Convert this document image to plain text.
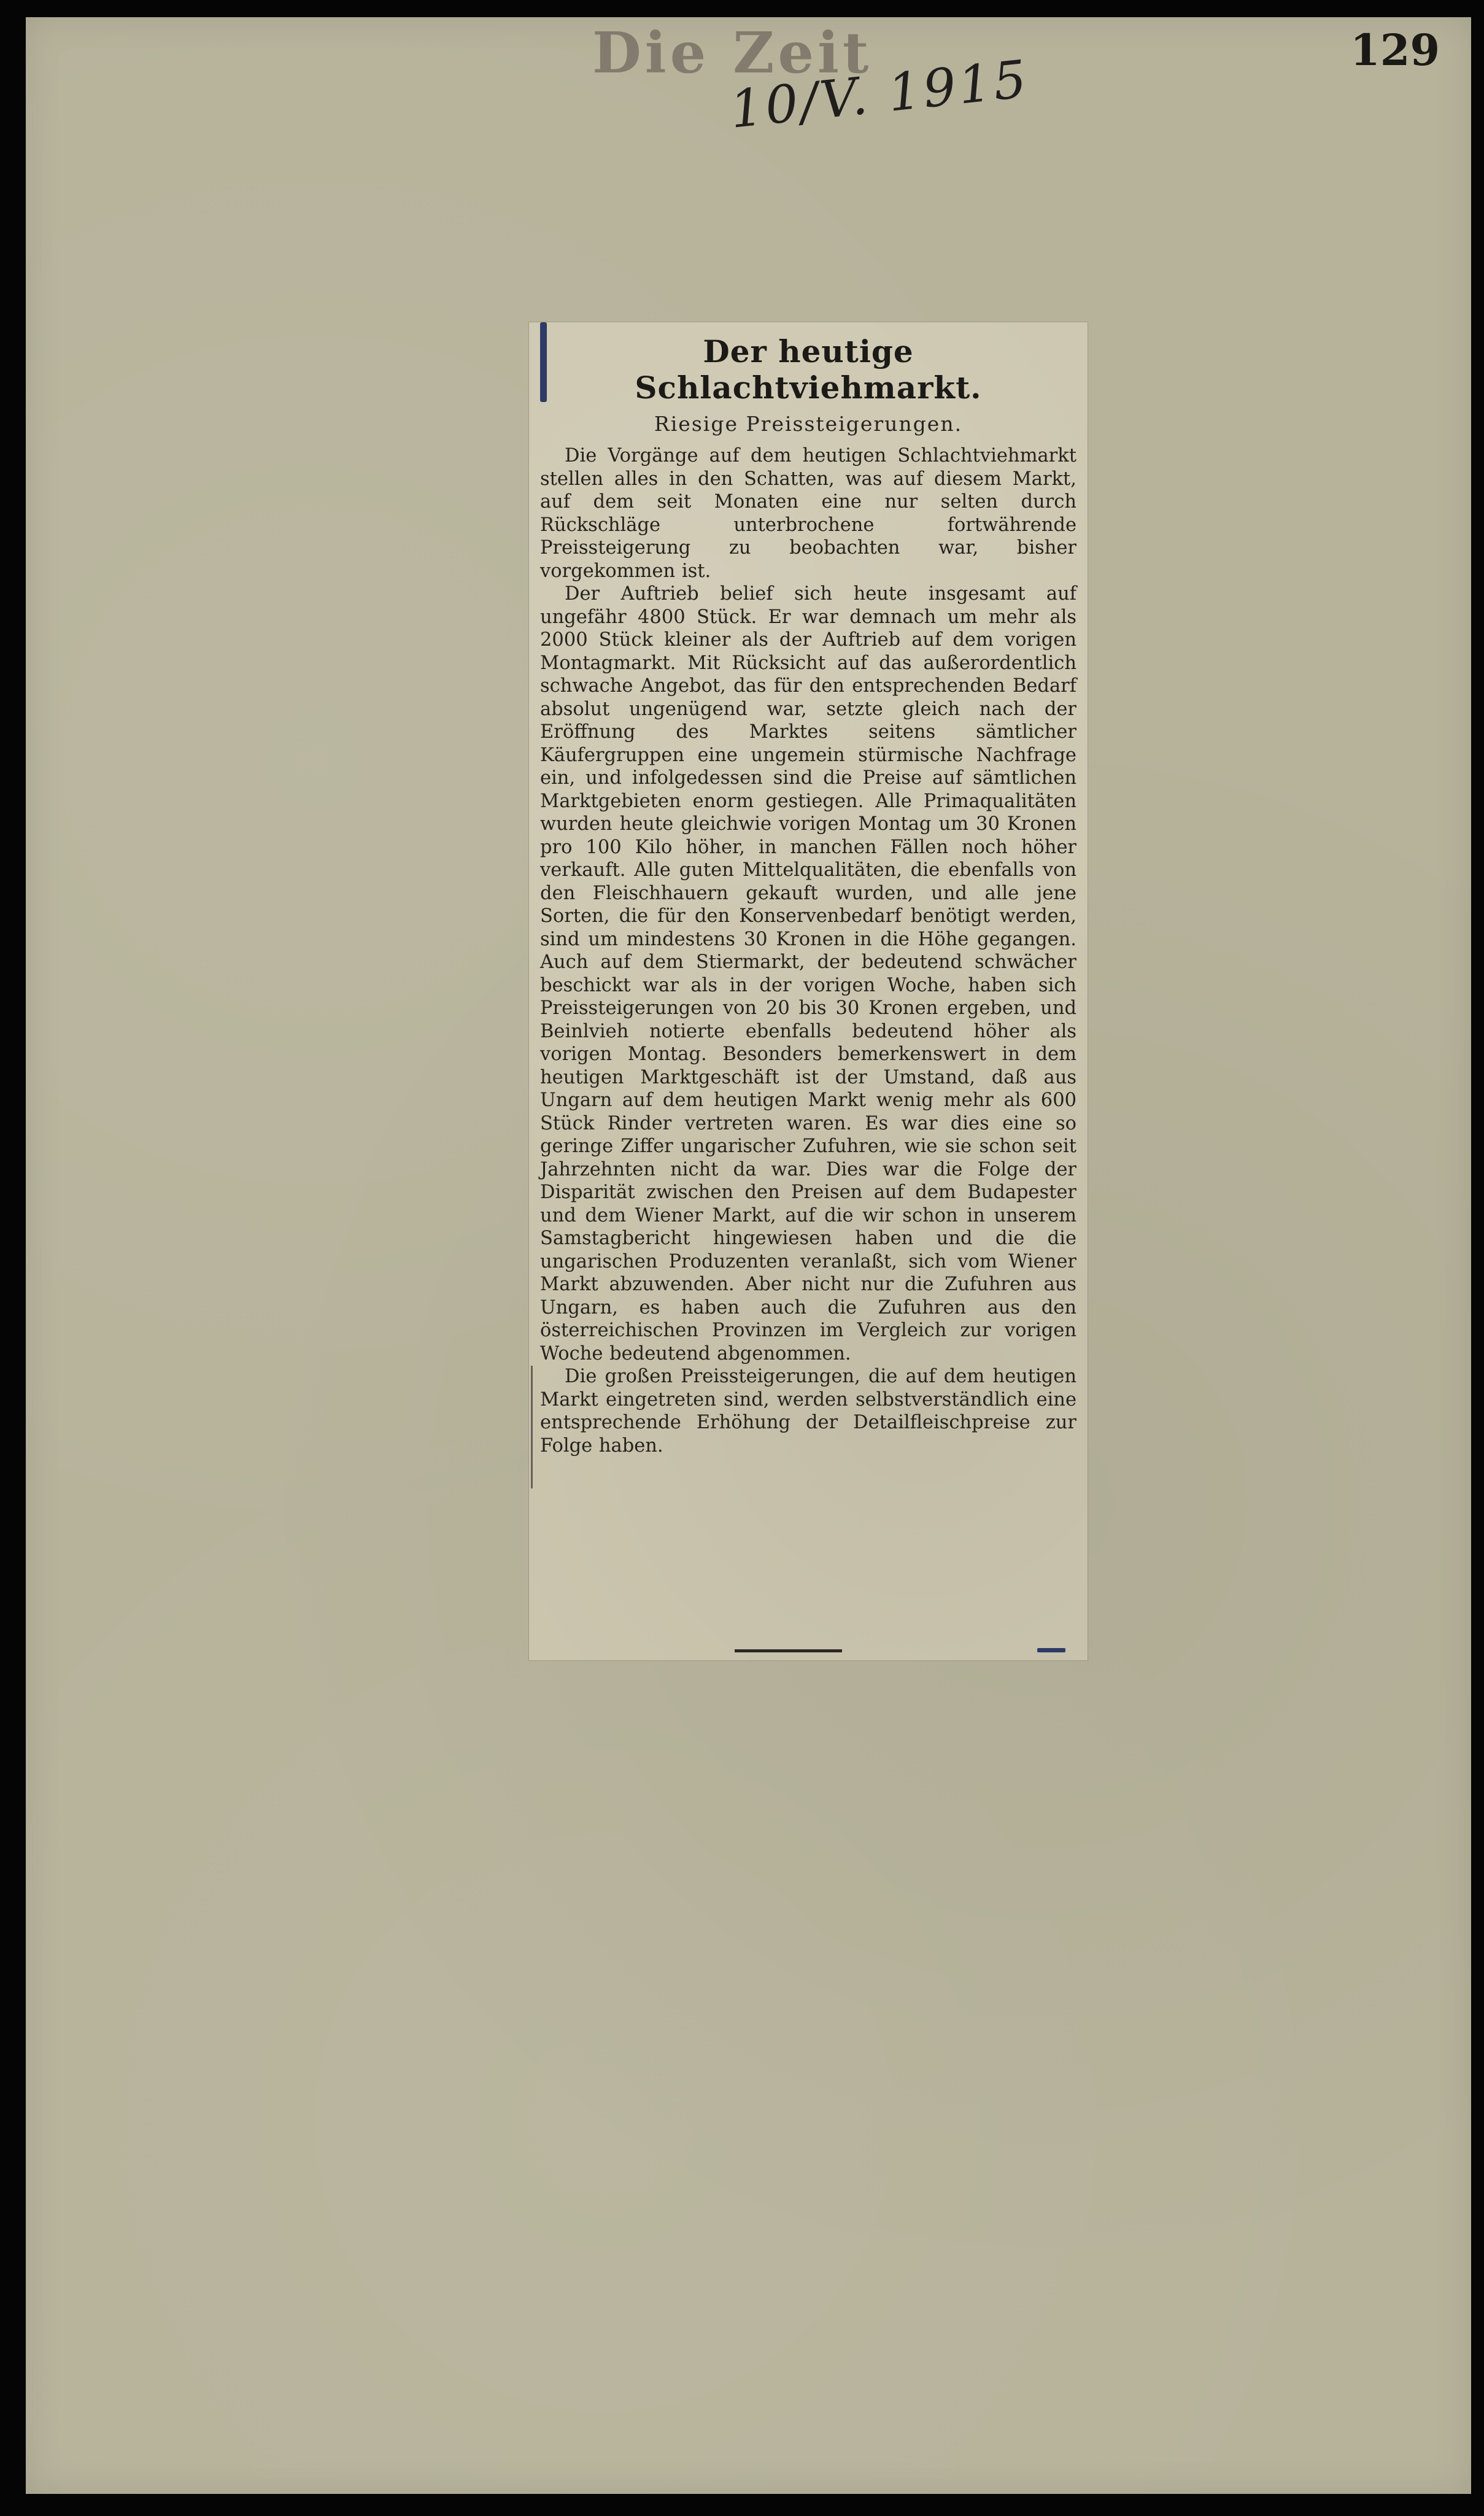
Die Zeit
10/V. 1915	129
Der heutige Schlachtviehmarkt.
Riesige Preissteigerungen.

Die Vorgänge auf dem heutigen Schlachtviehmarkt stellen alles in den Schatten, was auf diesem Markt, auf dem seit Monaten eine nur selten durch Rückschläge unterbrochene fortwährende Preissteigerung zu beobachten war, bisher vorgekommen ist.

Der Auftrieb belief sich heute insgesamt auf ungefähr 4800 Stück. Er war demnach um mehr als 2000 Stück kleiner als der Auftrieb auf dem vorigen Montagmarkt. Mit Rücksicht auf das außerordentlich schwache Angebot, das für den entsprechenden Bedarf absolut ungenügend war, setzte gleich nach der Eröffnung des Marktes seitens sämtlicher Käufergruppen eine ungemein stürmische Nachfrage ein, und infolgedessen sind die Preise auf sämtlichen Marktgebieten enorm gestiegen. Alle Primaqualitäten wurden heute gleichwie vorigen Montag um 30 Kronen pro 100 Kilo höher, in manchen Fällen noch höher verkauft. Alle guten Mittelqualitäten, die ebenfalls von den Fleischhauern gekauft wurden, und alle jene Sorten, die für den Konservenbedarf benötigt werden, sind um mindestens 30 Kronen in die Höhe gegangen. Auch auf dem Stiermarkt, der bedeutend schwächer beschickt war als in der vorigen Woche, haben sich Preissteigerungen von 20 bis 30 Kronen ergeben, und Beinlvieh notierte ebenfalls bedeutend höher als vorigen Montag. Besonders bemerkenswert in dem heutigen Marktgeschäft ist der Umstand, daß aus Ungarn auf dem heutigen Markt wenig mehr als 600 Stück Rinder vertreten waren. Es war dies eine so geringe Ziffer ungarischer Zufuhren, wie sie schon seit Jahrzehnten nicht da war. Dies war die Folge der Disparität zwischen den Preisen auf dem Budapester und dem Wiener Markt, auf die wir schon in unserem Samstagbericht hingewiesen haben und die die ungarischen Produzenten veranlaßt, sich vom Wiener Markt abzuwenden. Aber nicht nur die Zufuhren aus Ungarn, es haben auch die Zufuhren aus den österreichischen Provinzen im Vergleich zur vorigen Woche bedeutend abgenommen.

Die großen Preissteigerungen, die auf dem heutigen Markt eingetreten sind, werden selbstverständlich eine entsprechende Erhöhung der Detailfleischpreise zur Folge haben.
